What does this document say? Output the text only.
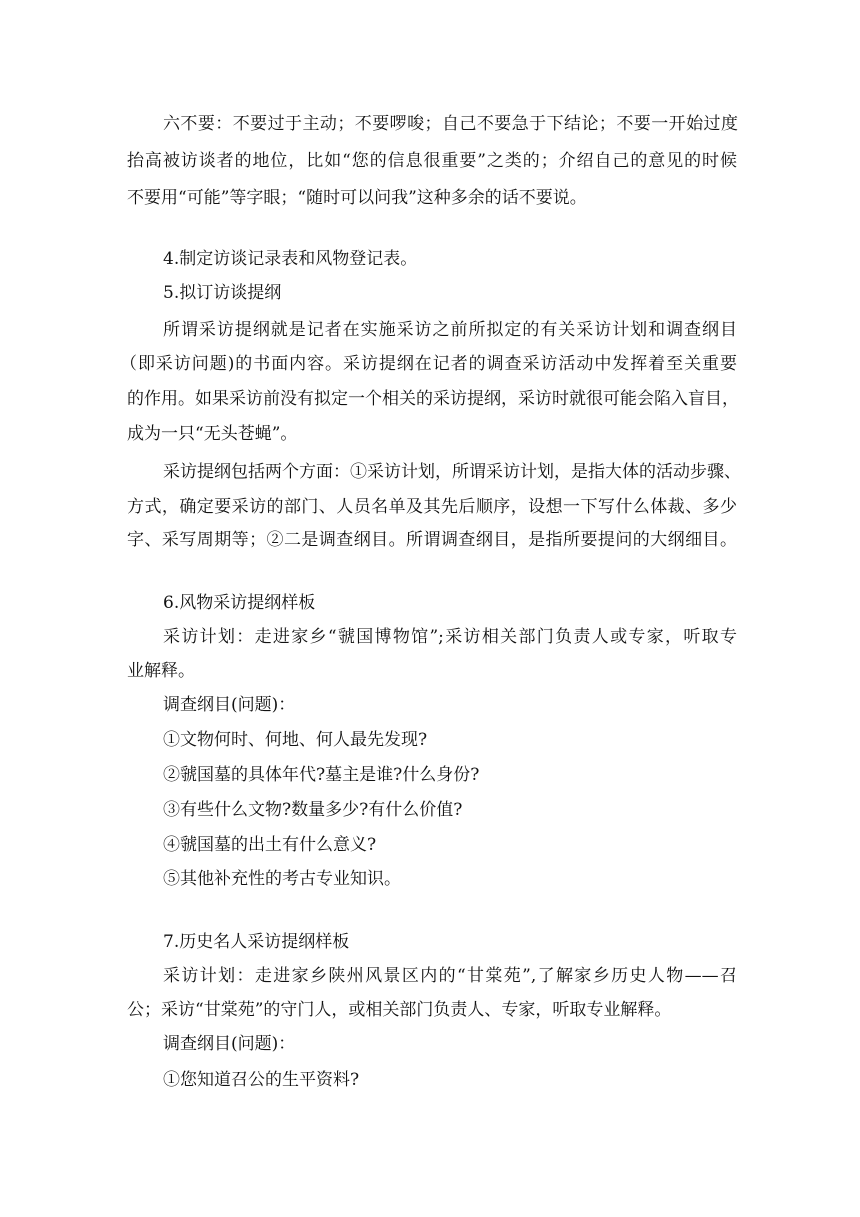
六不要：不要过于主动；不要啰唆；自己不要急于下结论；不要一开始过度
抬高被访谈者的地位，比如“您的信息很重要”之类的；介绍自己的意见的时候
不要用“可能”等字眼；“随时可以问我”这种多余的话不要说。
4.制定访谈记录表和风物登记表。
5.拟订访谈提纲
所谓采访提纲就是记者在实施采访之前所拟定的有关采访计划和调查纲目
（即采访问题)的书面内容。采访提纲在记者的调查采访活动中发挥着至关重要
的作用。如果采访前没有拟定一个相关的采访提纲，采访时就很可能会陷入盲目，
成为一只“无头苍蝇”。
采访提纲包括两个方面：①采访计划，所谓采访计划，是指大体的活动步骤、
方式，确定要采访的部门、人员名单及其先后顺序，设想一下写什么体裁、多少
字、采写周期等；②二是调查纲目。所谓调查纲目，是指所要提问的大纲细目。
6.风物采访提纲样板
采访计划：走进家乡“虢国博物馆”;采访相关部门负责人或专家，听取专
业解释。
调查纲目(问题)：
①文物何时、何地、何人最先发现?
②虢国墓的具体年代?墓主是谁?什么身份?
③有些什么文物?数量多少?有什么价值?
④虢国墓的出土有什么意义?
⑤其他补充性的考古专业知识。
7.历史名人采访提纲样板
采访计划：走进家乡陕州风景区内的“甘棠苑”,了解家乡历史人物——召
公；采访“甘棠苑”的守门人，或相关部门负责人、专家，听取专业解释。
调查纲目(问题)：
①您知道召公的生平资料?
